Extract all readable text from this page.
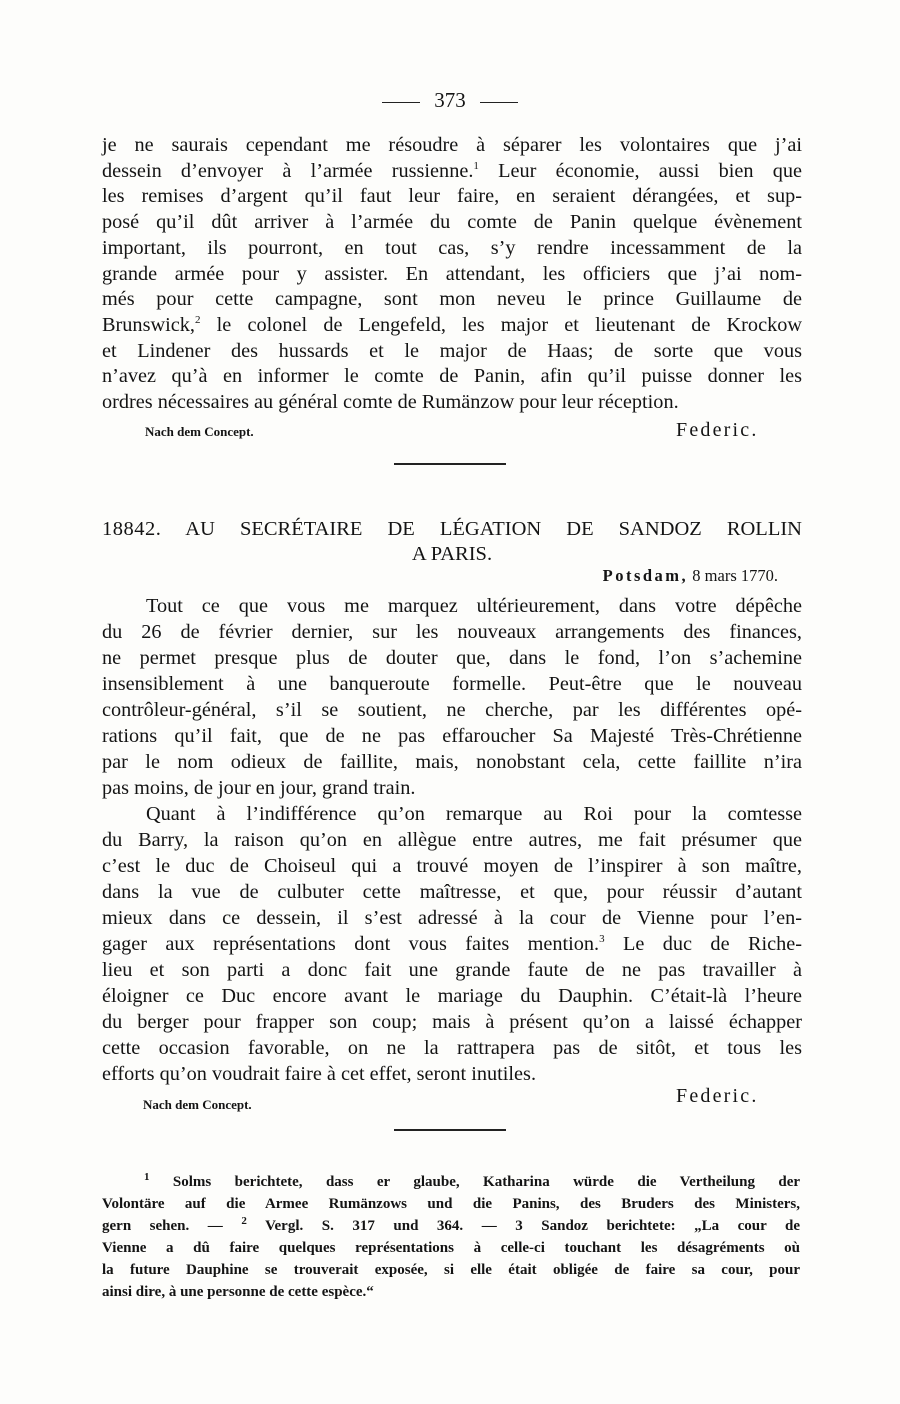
373
je ne saurais cependant me résoudre à séparer les volontaires que j’ai
dessein d’envoyer à l’armée russienne.$^1$ Leur économie, aussi bien que
les remises d’argent qu’il faut leur faire, en seraient dérangées, et sup-
posé qu’il dût arriver à l’armée du comte de Panin quelque évènement
important, ils pourront, en tout cas, s’y rendre incessamment de la
grande armée pour y assister. En attendant, les officiers que j’ai nom-
més pour cette campagne, sont mon neveu le prince Guillaume de
Brunswick,$^2$ le colonel de Lengefeld, les major et lieutenant de Krockow
et Lindener des hussards et le major de Haas; de sorte que vous
n’avez qu’à en informer le comte de Panin, afin qu’il puisse donner les
ordres nécessaires au général comte de Rumänzow pour leur réception.
Nach dem Concept.	Federic.
18842. AU SECRÉTAIRE DE LÉGATION DE SANDOZ ROLLIN
A PARIS.
Potsdam, 8 mars 1770.
Tout ce que vous me marquez ultérieurement, dans votre dépêche
du 26 de février dernier, sur les nouveaux arrangements des finances,
ne permet presque plus de douter que, dans le fond, l’on s’achemine
insensiblement à une banqueroute formelle. Peut-être que le nouveau
contrôleur-général, s’il se soutient, ne cherche, par les différentes opé-
rations qu’il fait, que de ne pas effaroucher Sa Majesté Très-Chrétienne
par le nom odieux de faillite, mais, nonobstant cela, cette faillite n’ira
pas moins, de jour en jour, grand train.
Quant à l’indifférence qu’on remarque au Roi pour la comtesse
du Barry, la raison qu’on en allègue entre autres, me fait présumer que
c’est le duc de Choiseul qui a trouvé moyen de l’inspirer à son maître,
dans la vue de culbuter cette maîtresse, et que, pour réussir d’autant
mieux dans ce dessein, il s’est adressé à la cour de Vienne pour l’en-
gager aux représentations dont vous faites mention.$^3$ Le duc de Riche-
lieu et son parti a donc fait une grande faute de ne pas travailler à
éloigner ce Duc encore avant le mariage du Dauphin. C’était-là l’heure
du berger pour frapper son coup; mais à présent qu’on a laissé échapper
cette occasion favorable, on ne la rattrapera pas de sitôt, et tous les
efforts qu’on voudrait faire à cet effet, seront inutiles.
Nach dem Concept.	Federic.
$^1$ Solms berichtete, dass er glaube, Katharina würde die Vertheilung der
Volontäre auf die Armee Rumänzows und die Panins, des Bruders des Ministers,
gern sehen. — $^2$ Vergl. S. 317 und 364. — 3 Sandoz berichtete: „La cour de
Vienne a dû faire quelques représentations à celle-ci touchant les désagréments où
la future Dauphine se trouverait exposée, si elle était obligée de faire sa cour, pour
ainsi dire, à une personne de cette espèce.“
